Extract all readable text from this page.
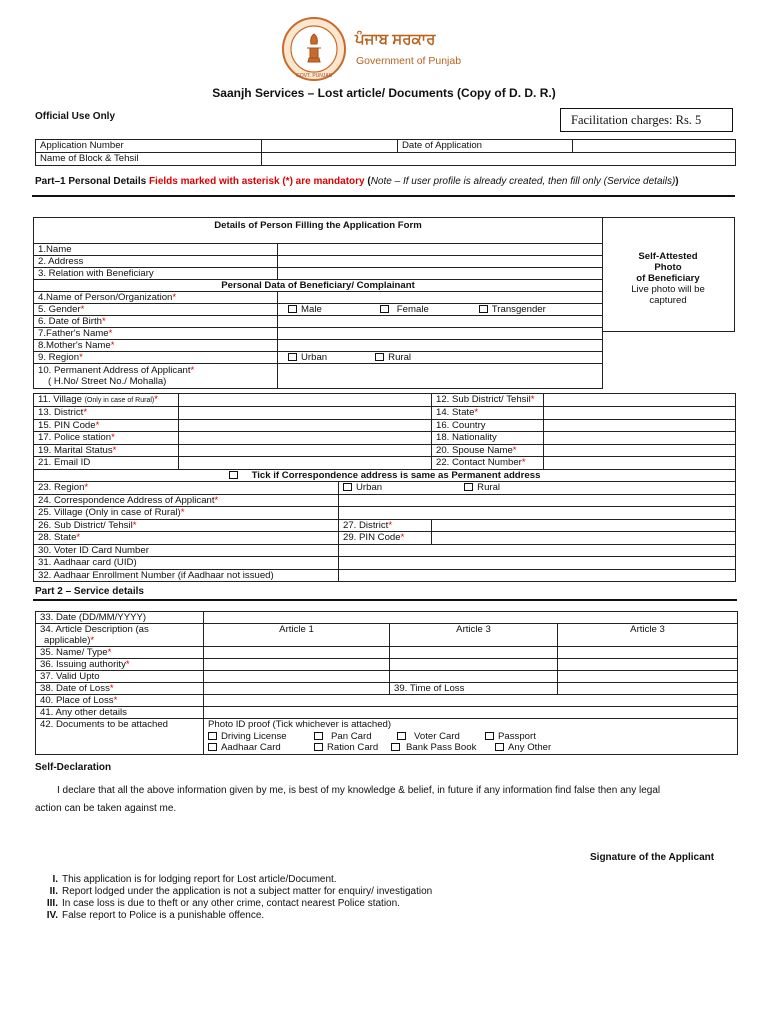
GOVT. PUNJAB
ਪੰਜਾਬ ਸਰਕਾਰ
Government of Punjab
Saanjh Services – Lost article/ Documents (Copy of D. D. R.)
Official Use Only	Facilitation charges: Rs. 5
Application Number		Date of Application	
Name of Block & Tehsil			
Part–1 Personal Details Fields marked with asterisk (*) are mandatory (Note – If user profile is already created, then fill only (Service details))
Self-Attested
Photo
of Beneficiary
Live photo will be
captured
Details of Person Filling the Application Form	
1.Name	
2. Address	
3. Relation with Beneficiary	
Personal Data of Beneficiary/ Complainant	
4.Name of Person/Organization*	
5. Gender*	Male Female Transgender
6. Date of Birth*	
7.Father's Name*	
8.Mother's Name*	
9. Region*	Urban Rural

10. Permanent Address of Applicant*
( H.No/ Street No./ Mohalla)	

11. Village (Only in case of Rural)*			12. Sub District/ Tehsil*	
13. District*			14. State*	
15. PIN Code*			16. Country	
17. Police station*			18. Nationality	
19. Marital Status*			20. Spouse Name*	
21. Email ID			22. Contact Number*	
Tick if Correspondence address is same as Permanent address				
23. Region*		Urban Rural		
24. Correspondence Address of Applicant*				
25. Village (Only in case of Rural)*				
26. Sub District/ Tehsil*		27. District*		
28. State*		29. PIN Code*		
30. Voter ID Card Number				
31. Aadhaar card (UID)				
32. Aadhaar Enrollment Number (if Aadhaar not issued)				
Part 2 – Service details
33. Date (DD/MM/YYYY)			

34. Article Description (as
applicable)*	Article 1	Article 3	Article 3
35. Name/ Type*			
36. Issuing authority*			
37. Valid Upto			
38. Date of Loss*		39. Time of Loss	
40. Place of Loss*			
41. Any other details			
42. Documents to be attached	Photo ID proof (Tick whichever is attached)
Driving License Pan Card Voter Card Passport
Aadhaar Card Ration Card Bank Pass Book Any Other		
Self-Declaration
I declare that all the above information given by me, is best of my knowledge & belief, in future if any information find false then any legal
action can be taken against me.
Signature of the Applicant
I. This application is for lodging report for Lost article/Document.
II. Report lodged under the application is not a subject matter for enquiry/ investigation
III. In case loss is due to theft or any other crime, contact nearest Police station.
IV. False report to Police is a punishable offence.
